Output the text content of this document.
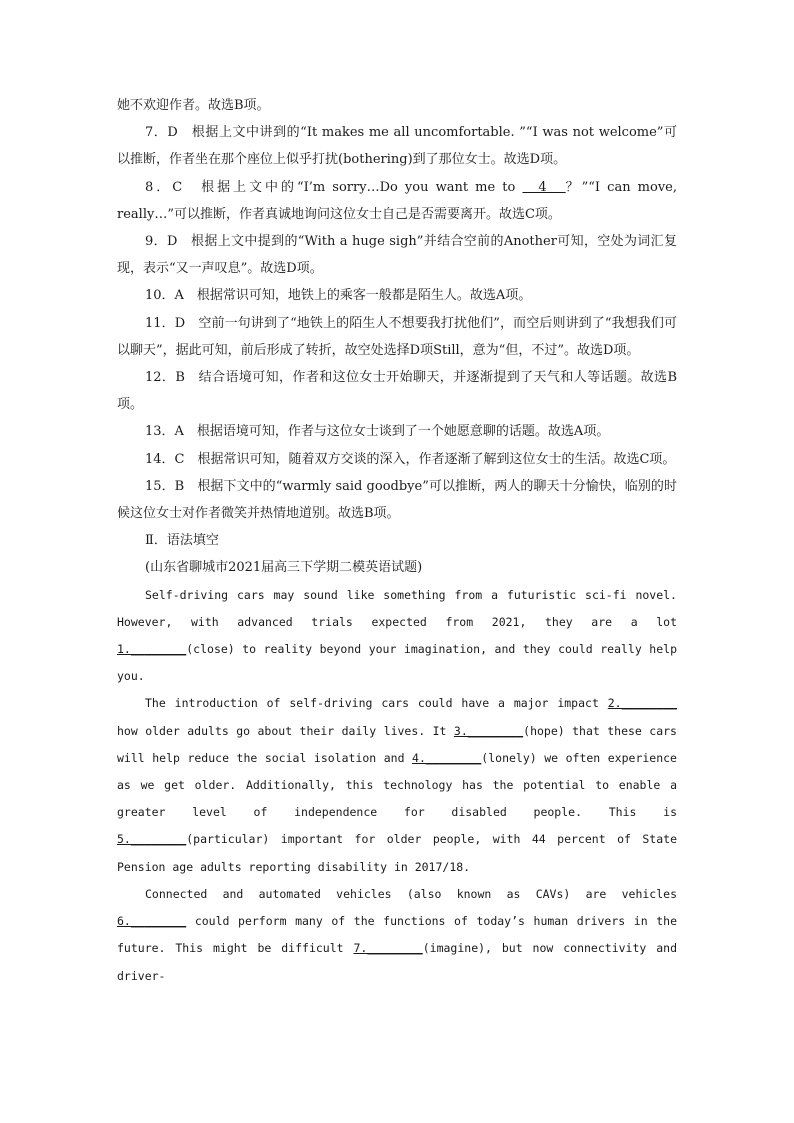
她不欢迎作者。故选B项。

7．D　根据上文中讲到的“It makes me all uncomfortable. ”“I was not welcome”可以推断，作者坐在那个座位上似乎打扰(bothering)到了那位女士。故选D项。

8．C　根据上文中的“I’m sorry…Do you want me to 　4　？”“I can move, really…”可以推断，作者真诚地询问这位女士自己是否需要离开。故选C项。

9．D　根据上文中提到的“With a huge sigh”并结合空前的Another可知，空处为词汇复现，表示“又一声叹息”。故选D项。

10．A　根据常识可知，地铁上的乘客一般都是陌生人。故选A项。

11．D　空前一句讲到了“地铁上的陌生人不想要我打扰他们”，而空后则讲到了“我想我们可以聊天”，据此可知，前后形成了转折，故空处选择D项Still，意为“但，不过”。故选D项。

12．B　结合语境可知，作者和这位女士开始聊天，并逐渐提到了天气和人等话题。故选B项。

13．A　根据语境可知，作者与这位女士谈到了一个她愿意聊的话题。故选A项。

14．C　根据常识可知，随着双方交谈的深入，作者逐渐了解到这位女士的生活。故选C项。

15．B　根据下文中的“warmly said goodbye”可以推断，两人的聊天十分愉快，临别的时候这位女士对作者微笑并热情地道别。故选B项。

Ⅱ．语法填空

(山东省聊城市2021届高三下学期二模英语试题)

Self-driving cars may sound like something from a futuristic sci-fi novel. However, with advanced trials expected from 2021, they are a lot 1.________(close) to reality beyond your imagination, and they could really help you.

The introduction of self-driving cars could have a major impact 2.________ how older adults go about their daily lives. It 3.________(hope) that these cars will help reduce the social isolation and 4.________(lonely) we often experience as we get older. Additionally, this technology has the potential to enable a greater level of independence for disabled people. This is 5.________(particular) important for older people, with 44 percent of State Pension age adults reporting disability in 2017/18.

Connected and automated vehicles (also known as CAVs) are vehicles 6.________ could perform many of the functions of today’s human drivers in the future. This might be difficult 7.________(imagine), but now connectivity and driver-
